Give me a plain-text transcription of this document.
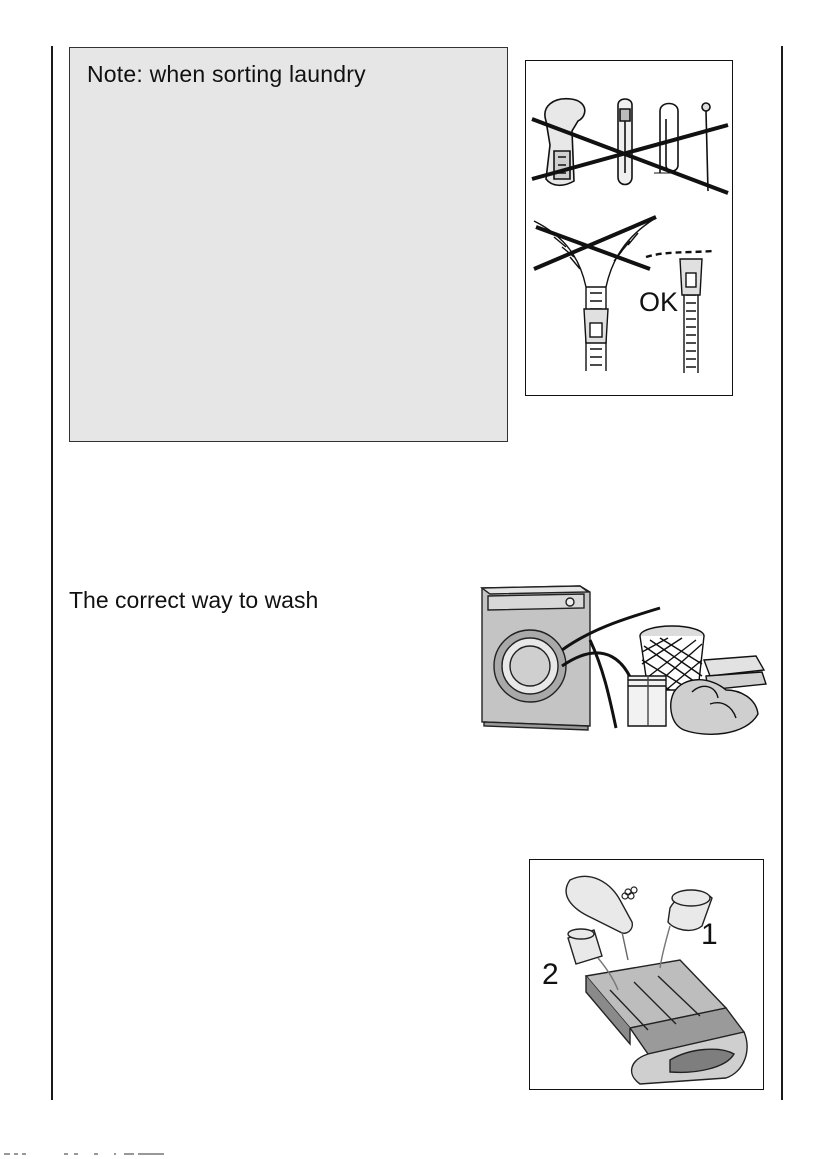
Note: when sorting laundry
OK
The correct way to wash
1
2
